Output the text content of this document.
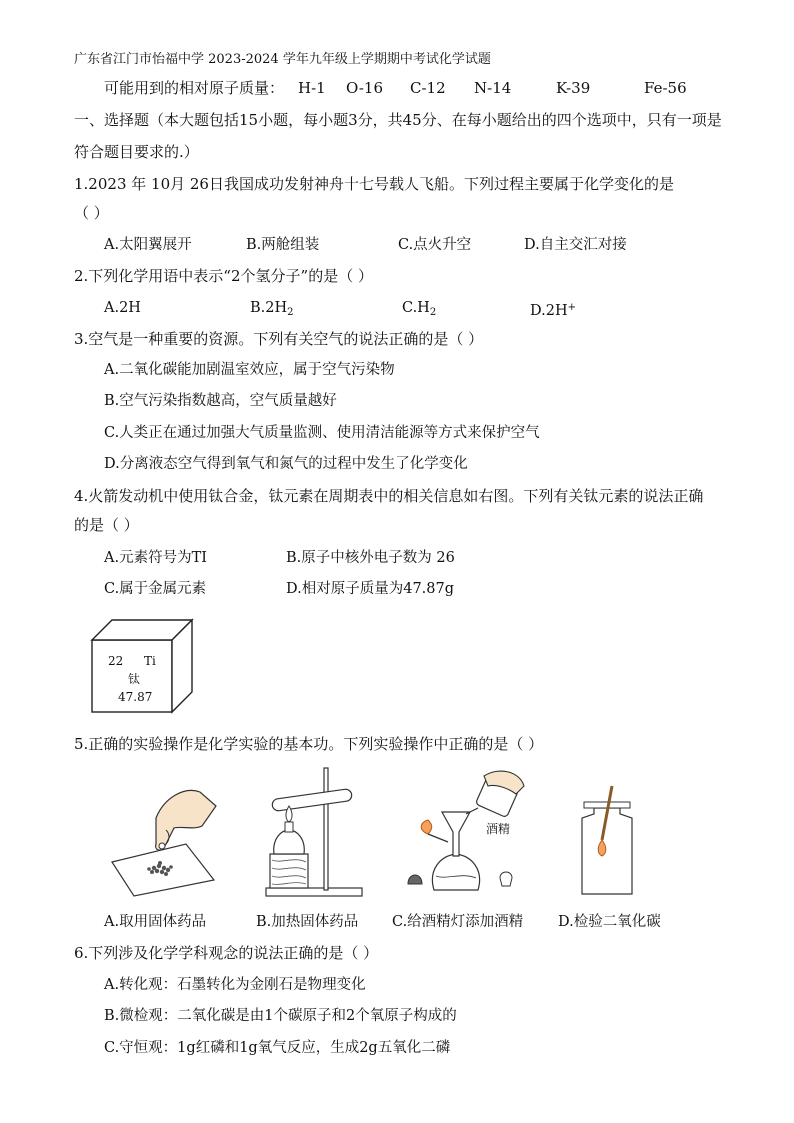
广东省江门市怡福中学 2023-2024 学年九年级上学期期中考试化学试题
可能用到的相对原子质量： H-1 O-16 C-12 N-14	K-39	Fe-56
一、选择题（本大题包括15小题，每小题3分，共45分、在每小题给出的四个选项中，只有一项是
符合题目要求的.）
1.2023 年 10月 26日我国成功发射神舟十七号载人飞船。下列过程主要属于化学变化的是
（ ）
A.太阳翼展开	B.两舱组装	C.点火升空	D.自主交汇对接
2.下列化学用语中表示“2个氢分子”的是（ ）
A.2H	$B.2H_2$	$C.H_2$	D.2H+
3.空气是一种重要的资源。下列有关空气的说法正确的是（ ）
A.二氧化碳能加剧温室效应，属于空气污染物
B.空气污染指数越高，空气质量越好
C.人类正在通过加强大气质量监测、使用清洁能源等方式来保护空气
D.分离液态空气得到氧气和氮气的过程中发生了化学变化
4.火箭发动机中使用钛合金，钛元素在周期表中的相关信息如右图。下列有关钛元素的说法正确
的是（ ）
A.元素符号为TI	B.原子中核外电子数为 26
C.属于金属元素	D.相对原子质量为47.87g
22 Ti
钛
47.87
5.正确的实验操作是化学实验的基本功。下列实验操作中正确的是（ ）
酒精
A.取用固体药品	B.加热固体药品 C.给酒精灯添加酒精 D.检验二氧化碳
6.下列涉及化学学科观念的说法正确的是（ ）
A.转化观：石墨转化为金刚石是物理变化
B.微检观：二氧化碳是由1个碳原子和2个氧原子构成的
C.守恒观：1g红磷和1g氧气反应，生成2g五氧化二磷
